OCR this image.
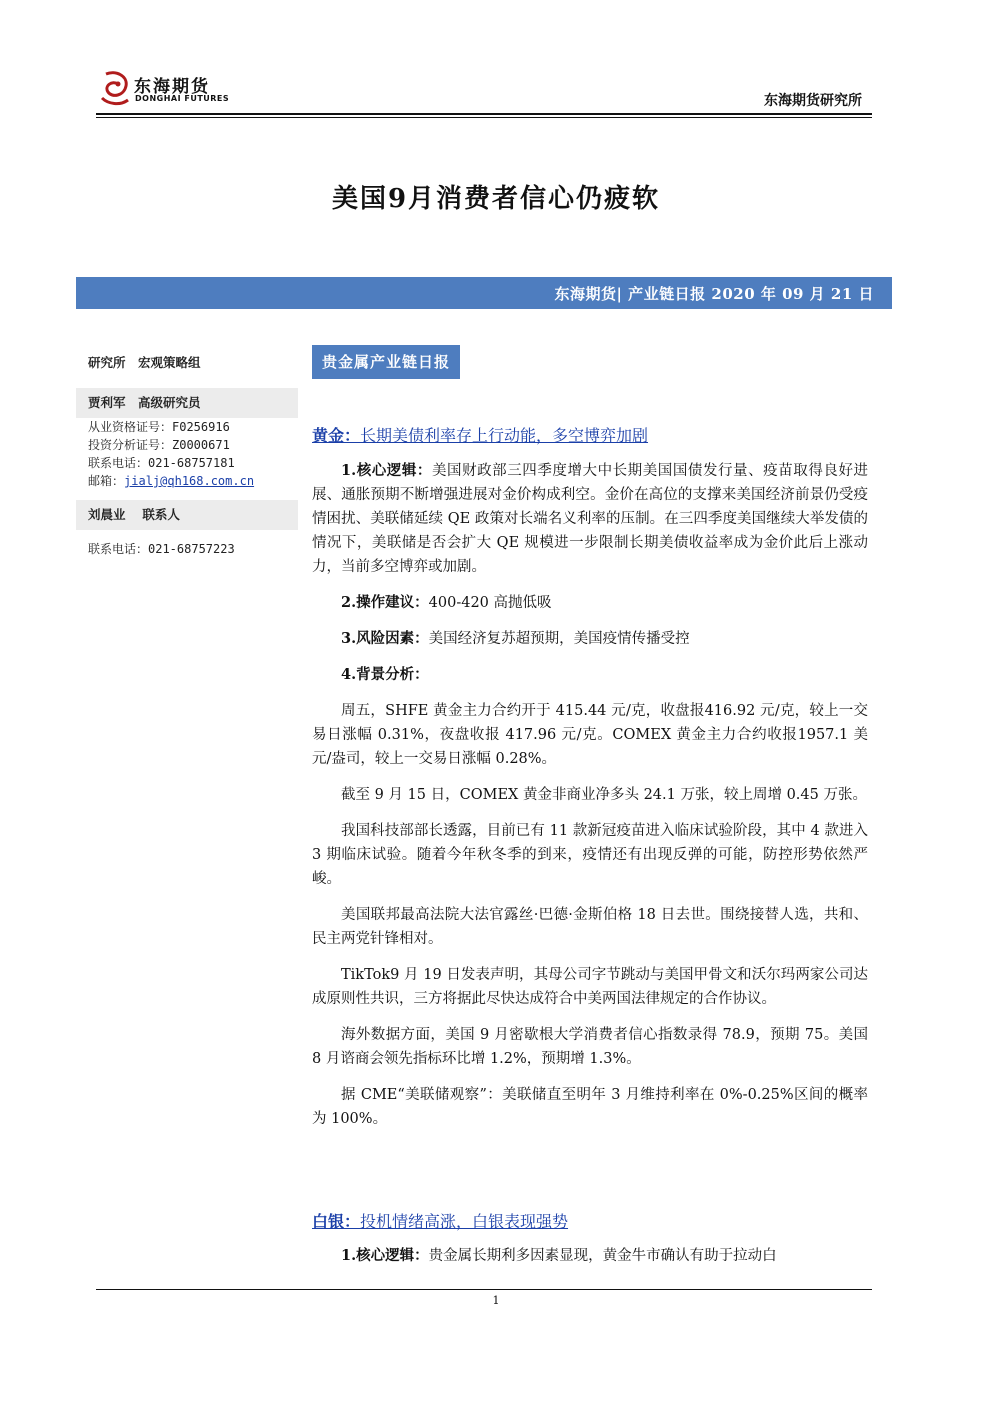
东海期货
DONGHAI FUTURES	东海期货研究所
美国9月消费者信心仍疲软
东海期货| 产业链日报 2020 年 09 月 21 日
研究所　宏观策略组
贾利军　高级研究员
从业资格证号：F0256916
投资分析证号：Z0000671
联系电话：021-68757181
邮箱：jialj@qh168.com.cn
刘晨业　 联系人
联系电话：021-68757223
贵金属产业链日报
黄金：长期美债利率存上行动能，多空博弈加剧

1.核心逻辑：美国财政部三四季度增大中长期美国国债发行量、疫苗取得良好进展、通胀预期不断增强进展对金价构成利空。金价在高位的支撑来美国经济前景仍受疫情困扰、美联储延续 QE 政策对长端名义利率的压制。在三四季度美国继续大举发债的情况下，美联储是否会扩大 QE 规模进一步限制长期美债收益率成为金价此后上涨动力，当前多空博弈或加剧。

2.操作建议：400-420 高抛低吸

3.风险因素：美国经济复苏超预期，美国疫情传播受控

4.背景分析：

周五，SHFE 黄金主力合约开于 415.44 元/克，收盘报416.92 元/克，较上一交易日涨幅 0.31%，夜盘收报 417.96 元/克。COMEX 黄金主力合约收报1957.1 美元/盎司，较上一交易日涨幅 0.28%。

截至 9 月 15 日，COMEX 黄金非商业净多头 24.1 万张，较上周增 0.45 万张。

我国科技部部长透露，目前已有 11 款新冠疫苗进入临床试验阶段，其中 4 款进入 3 期临床试验。随着今年秋冬季的到来，疫情还有出现反弹的可能，防控形势依然严峻。

美国联邦最高法院大法官露丝·巴德·金斯伯格 18 日去世。围绕接替人选，共和、民主两党针锋相对。

TikTok9 月 19 日发表声明，其母公司字节跳动与美国甲骨文和沃尔玛两家公司达成原则性共识，三方将据此尽快达成符合中美两国法律规定的合作协议。

海外数据方面，美国 9 月密歇根大学消费者信心指数录得 78.9，预期 75。美国 8 月谘商会领先指标环比增 1.2%，预期增 1.3%。

据 CME“美联储观察”：美联储直至明年 3 月维持利率在 0%-0.25%区间的概率为 100%。

白银：投机情绪高涨，白银表现强势

1.核心逻辑：贵金属长期利多因素显现，黄金牛市确认有助于拉动白

1
